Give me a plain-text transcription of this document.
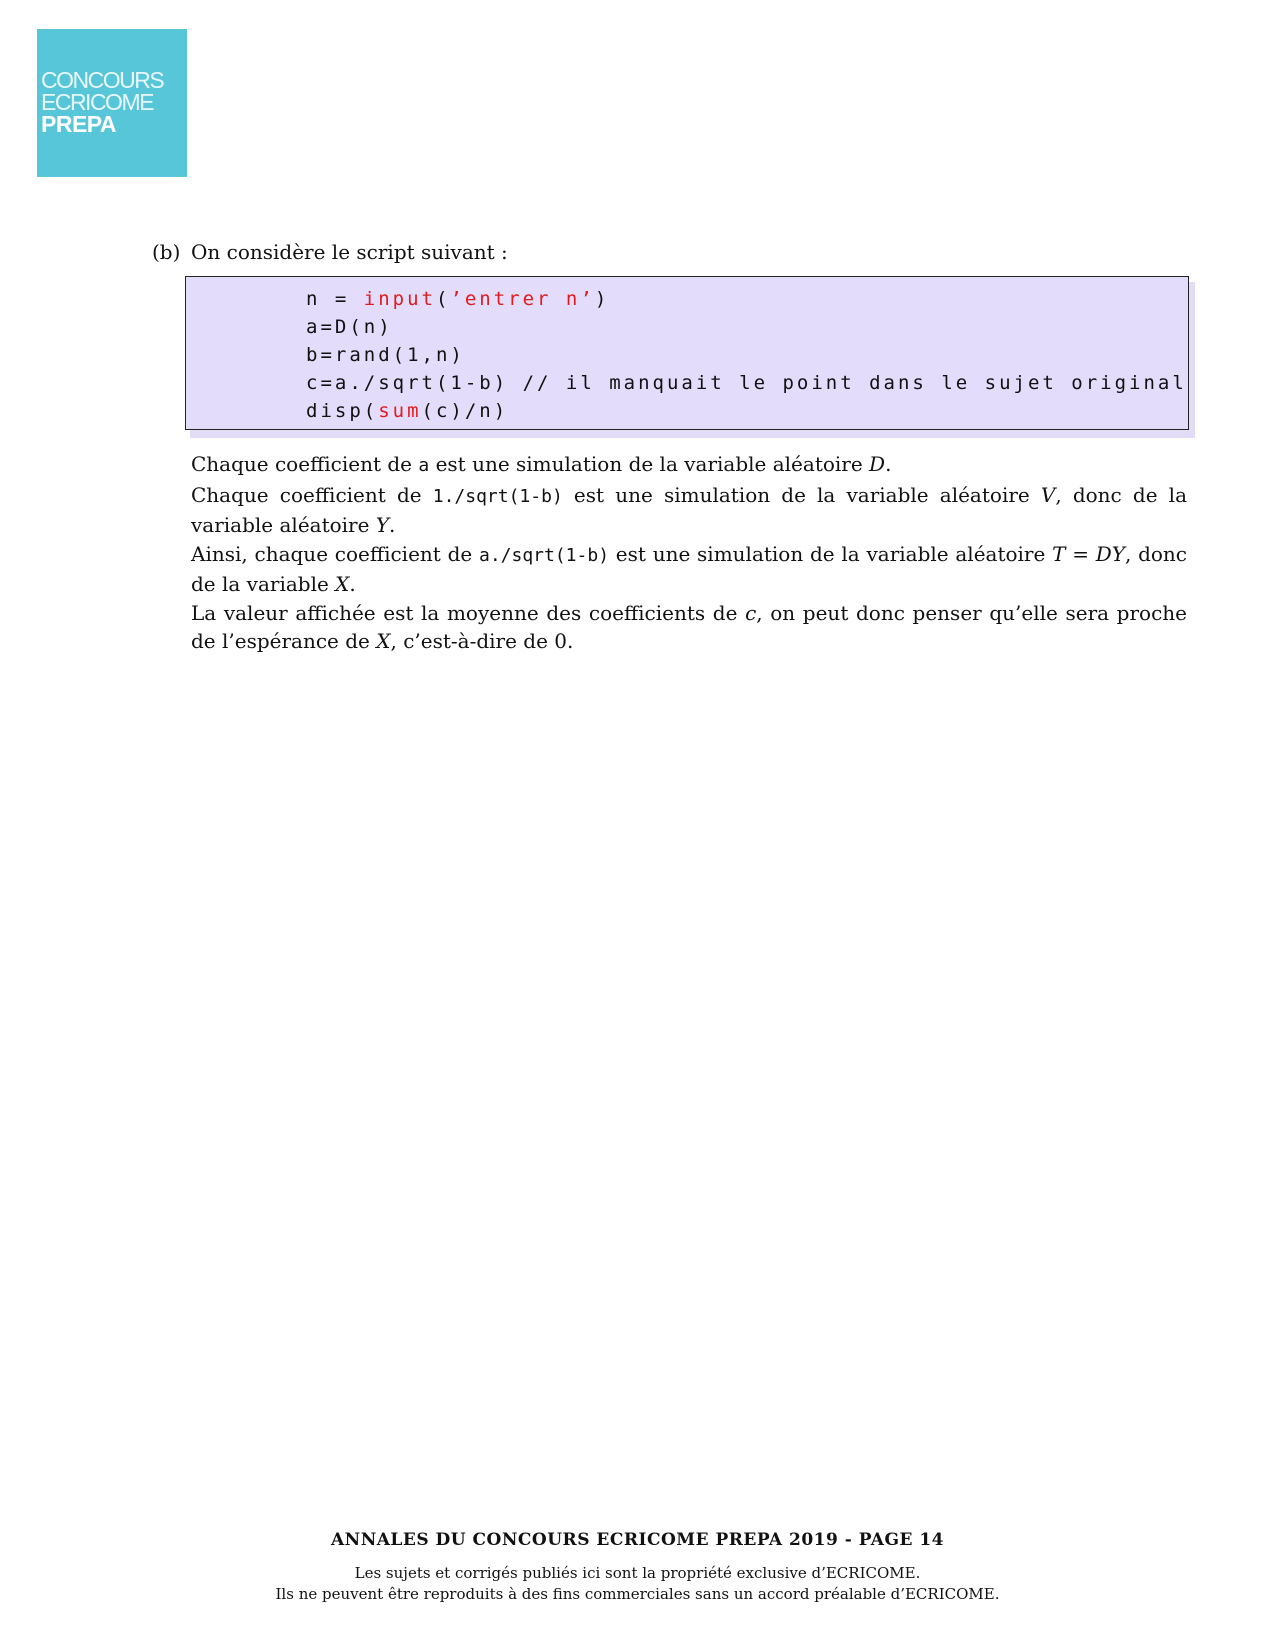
CONCOURS
ECRICOME
PREPA
(b) On considère le script suivant :
n = input(’entrer n’)
a=D(n)
b=rand(1,n)
c=a./sqrt(1-b) // il manquait le point dans le sujet original
disp(sum(c)/n)

Chaque coefficient de a est une simulation de la variable aléatoire D.

Chaque coefficient de 1./sqrt(1-b) est une simulation de la variable aléatoire V, donc de la variable aléatoire Y.

Ainsi, chaque coefficient de a./sqrt(1-b) est une simulation de la variable aléatoire T = DY, donc de la variable X.

La valeur affichée est la moyenne des coefficients de c, on peut donc penser qu’elle sera proche de l’espérance de X, c’est-à-dire de 0.

ANNALES DU CONCOURS ECRICOME PREPA 2019 - PAGE 14
Les sujets et corrigés publiés ici sont la propriété exclusive d’ECRICOME.
Ils ne peuvent être reproduits à des fins commerciales sans un accord préalable d’ECRICOME.
